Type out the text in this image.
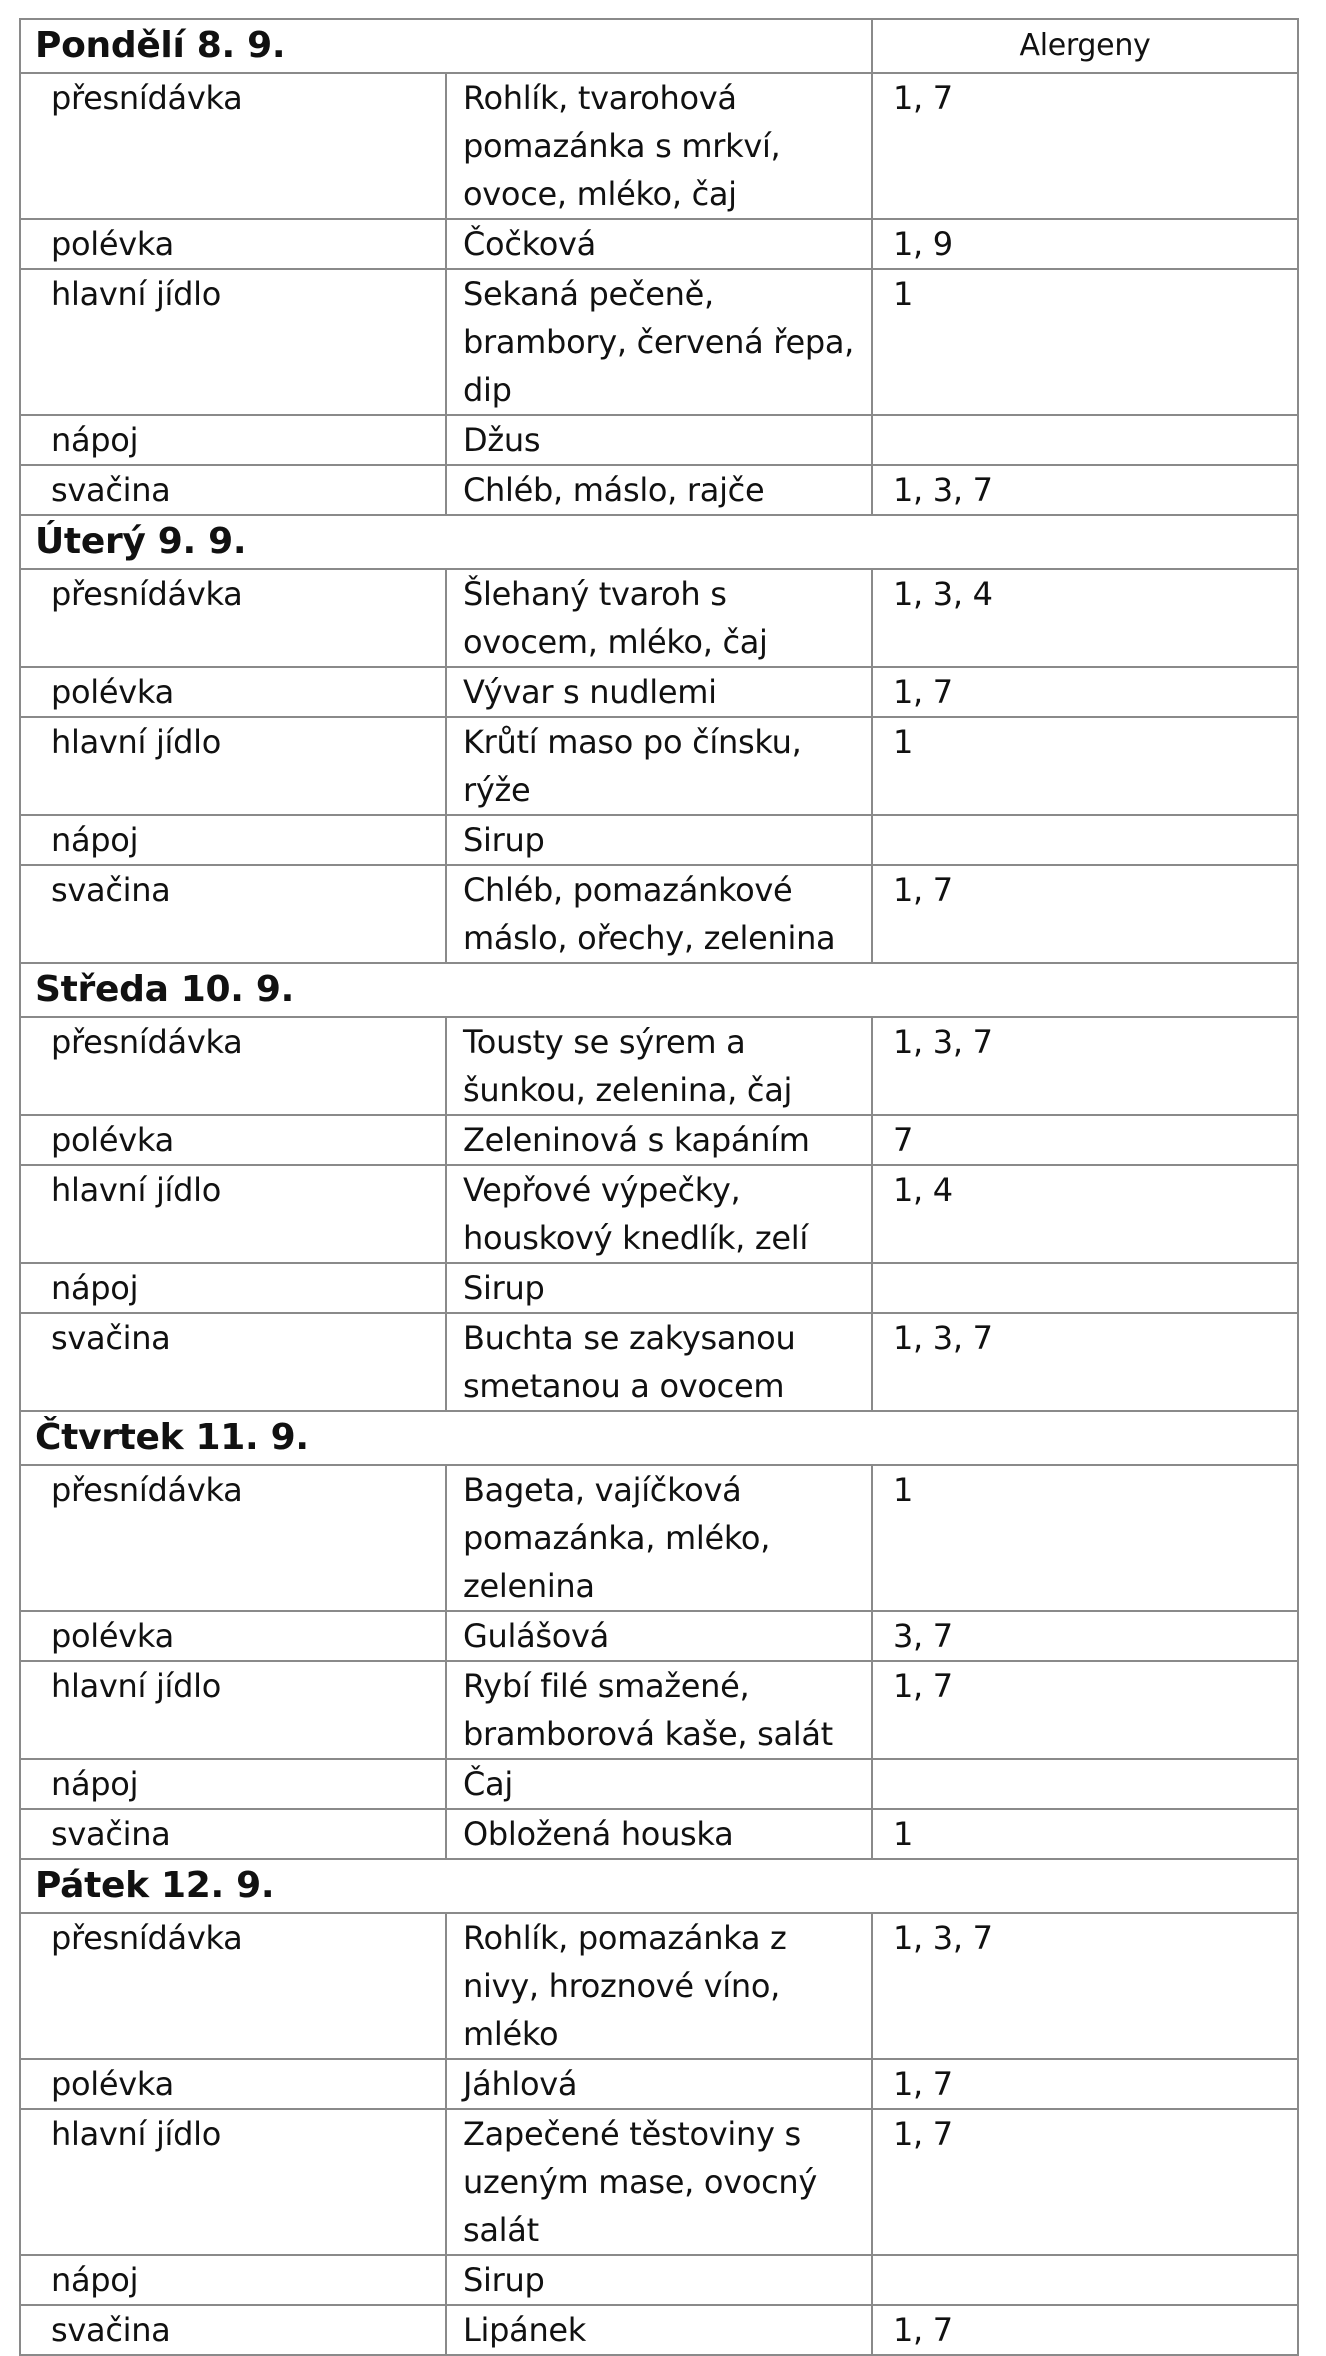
Pondělí 8. 9.		Alergeny
přesnídávka	Rohlík, tvarohová pomazánka s mrkví, ovoce, mléko, čaj	1, 7
polévka	Čočková	1, 9
hlavní jídlo	Sekaná pečeně, brambory, červená řepa, dip	1
nápoj	Džus	
svačina	Chléb, máslo, rajče	1, 3, 7
Úterý 9. 9.		
přesnídávka	Šlehaný tvaroh s ovocem, mléko, čaj	1, 3, 4
polévka	Vývar s nudlemi	1, 7
hlavní jídlo	Krůtí maso po čínsku, rýže	1
nápoj	Sirup	
svačina	Chléb, pomazánkové máslo, ořechy, zelenina	1, 7
Středa 10. 9.		
přesnídávka	Tousty se sýrem a šunkou, zelenina, čaj	1, 3, 7
polévka	Zeleninová s kapáním	7
hlavní jídlo	Vepřové výpečky, houskový knedlík, zelí	1, 4
nápoj	Sirup	
svačina	Buchta se zakysanou smetanou a ovocem	1, 3, 7
Čtvrtek 11. 9.		
přesnídávka	Bageta, vajíčková pomazánka, mléko, zelenina	1
polévka	Gulášová	3, 7
hlavní jídlo	Rybí filé smažené, bramborová kaše, salát	1, 7
nápoj	Čaj	
svačina	Obložená houska	1
Pátek 12. 9.		
přesnídávka	Rohlík, pomazánka z nivy, hroznové víno, mléko	1, 3, 7
polévka	Jáhlová	1, 7
hlavní jídlo	Zapečené těstoviny s uzeným mase, ovocný salát	1, 7
nápoj	Sirup	
svačina	Lipánek	1, 7
